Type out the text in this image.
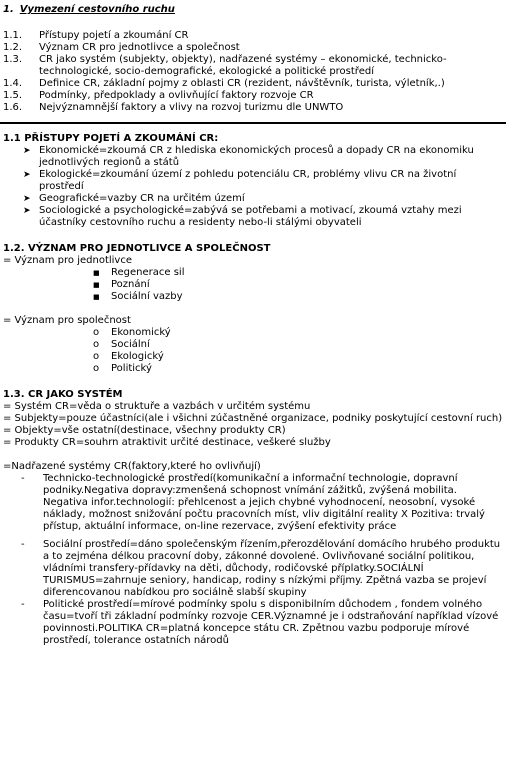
1. Vymezení cestovního ruchu
1.1.	Přístupy pojetí a zkoumání CR
1.2.	Význam CR pro jednotlivce a společnost
1.3.	CR jako systém (subjekty, objekty), nadřazené systémy – ekonomické, technicko-technologické, socio-demografické, ekologické a politické prostředí
1.4.	Definice CR, základní pojmy z oblasti CR (rezident, návštěvník, turista, výletník,.)
1.5.	Podmínky, předpoklady a ovlivňující faktory rozvoje CR
1.6.	Nejvýznamnější faktory a vlivy na rozvoj turizmu dle UNWTO
1.1 PŘÍSTUPY POJETÍ A ZKOUMÁNÍ CR:
➤ Ekonomické=zkoumá CR z hlediska ekonomických procesů a dopady CR na ekonomiku jednotlivých regionů a států
➤ Ekologické=zkoumání území z pohledu potenciálu CR, problémy vlivu CR na životní prostředí
➤ Geografické=vazby CR na určitém území
➤ Sociologické a psychologické=zabývá se potřebami a motivací, zkoumá vztahy mezi účastníky cestovního ruchu a residenty nebo-li stálými obyvateli
1.2. VÝZNAM PRO JEDNOTLIVCE A SPOLEČNOST
= Význam pro jednotlivce
■	Regenerace sil
■	Poznání
■	Sociální vazby
= Význam pro společnost
o	Ekonomický
o	Sociální
o	Ekologický
o	Politický
1.3. CR JAKO SYSTÉM
= Systém CR=věda o struktuře a vazbách v určitém systému
= Subjekty=pouze účastníci(ale i všichni zúčastněné organizace, podniky poskytující cestovní ruch)
= Objekty=vše ostatní(destinace, všechny produkty CR)
= Produkty CR=souhrn atraktivit určité destinace, veškeré služby
=Nadřazené systémy CR(faktory,které ho ovlivňují)
-	Technicko-technologické prostředí(komunikační a informační technologie, dopravní podniky.Negativa dopravy:zmenšená schopnost vnímání zážitků, zvýšená mobilita. Negativa infor.technologií: přehlcenost a jejich chybné vyhodnocení, neosobní, vysoké náklady, možnost snižování počtu pracovních míst, vliv digitální reality X Pozitiva: trvalý přístup, aktuální informace, on-line rezervace, zvýšení efektivity práce
-	Sociální prostředí=dáno společenským řízením,přerozdělování domácího hrubého produktu a to zejména délkou pracovní doby, zákonné dovolené. Ovlivňované sociální politikou, vládními transfery-přídavky na děti, důchody, rodičovské příplatky.SOCIÁLNÍ TURISMUS=zahrnuje seniory, handicap, rodiny s nízkými příjmy. Zpětná vazba se projeví diferencovanou nabídkou pro sociálně slabší skupiny
-	Politické prostředí=mírové podmínky spolu s disponibilním důchodem , fondem volného času=tvoří tři základní podmínky rozvoje CER.Významné je i odstraňování například vízové povinnosti.POLITIKA CR=platná koncepce státu CR. Zpětnou vazbu podporuje mírové prostředí, tolerance ostatních národů
